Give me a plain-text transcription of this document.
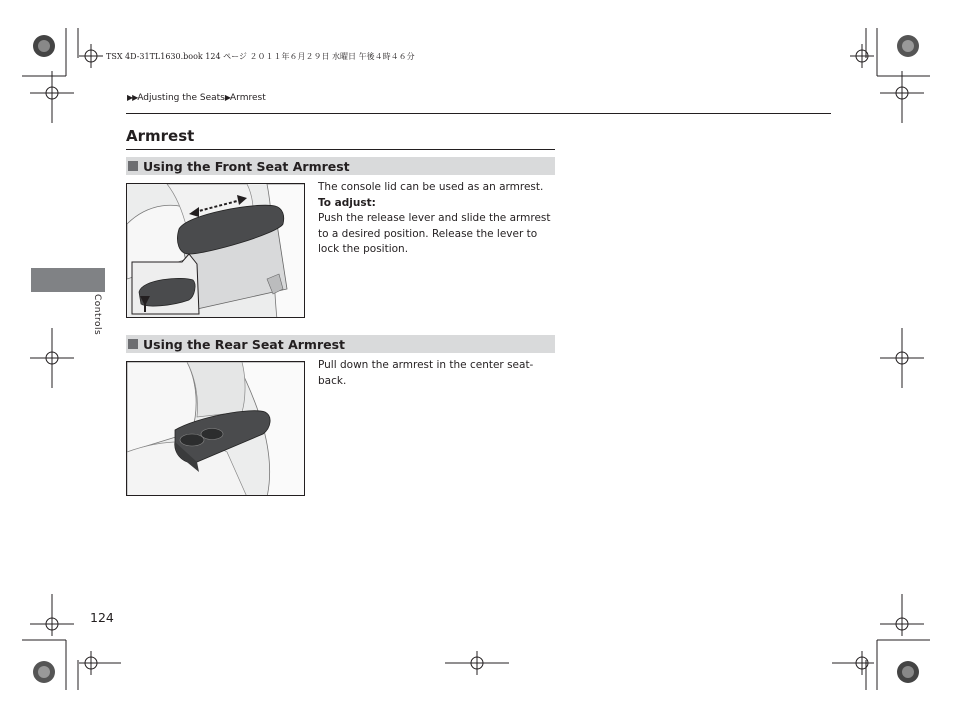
TSX 4D-31TL1630.book 124 ページ ２０１１年６月２９日 水曜日 午後４時４６分
▶▶Adjusting the Seats▶Armrest
Armrest
Using the Front Seat Armrest
The console lid can be used as an armrest.
To adjust:
Push the release lever and slide the armrest to a desired position. Release the lever to lock the position.
Using the Rear Seat Armrest
Pull down the armrest in the center seat-back.
Controls
124
